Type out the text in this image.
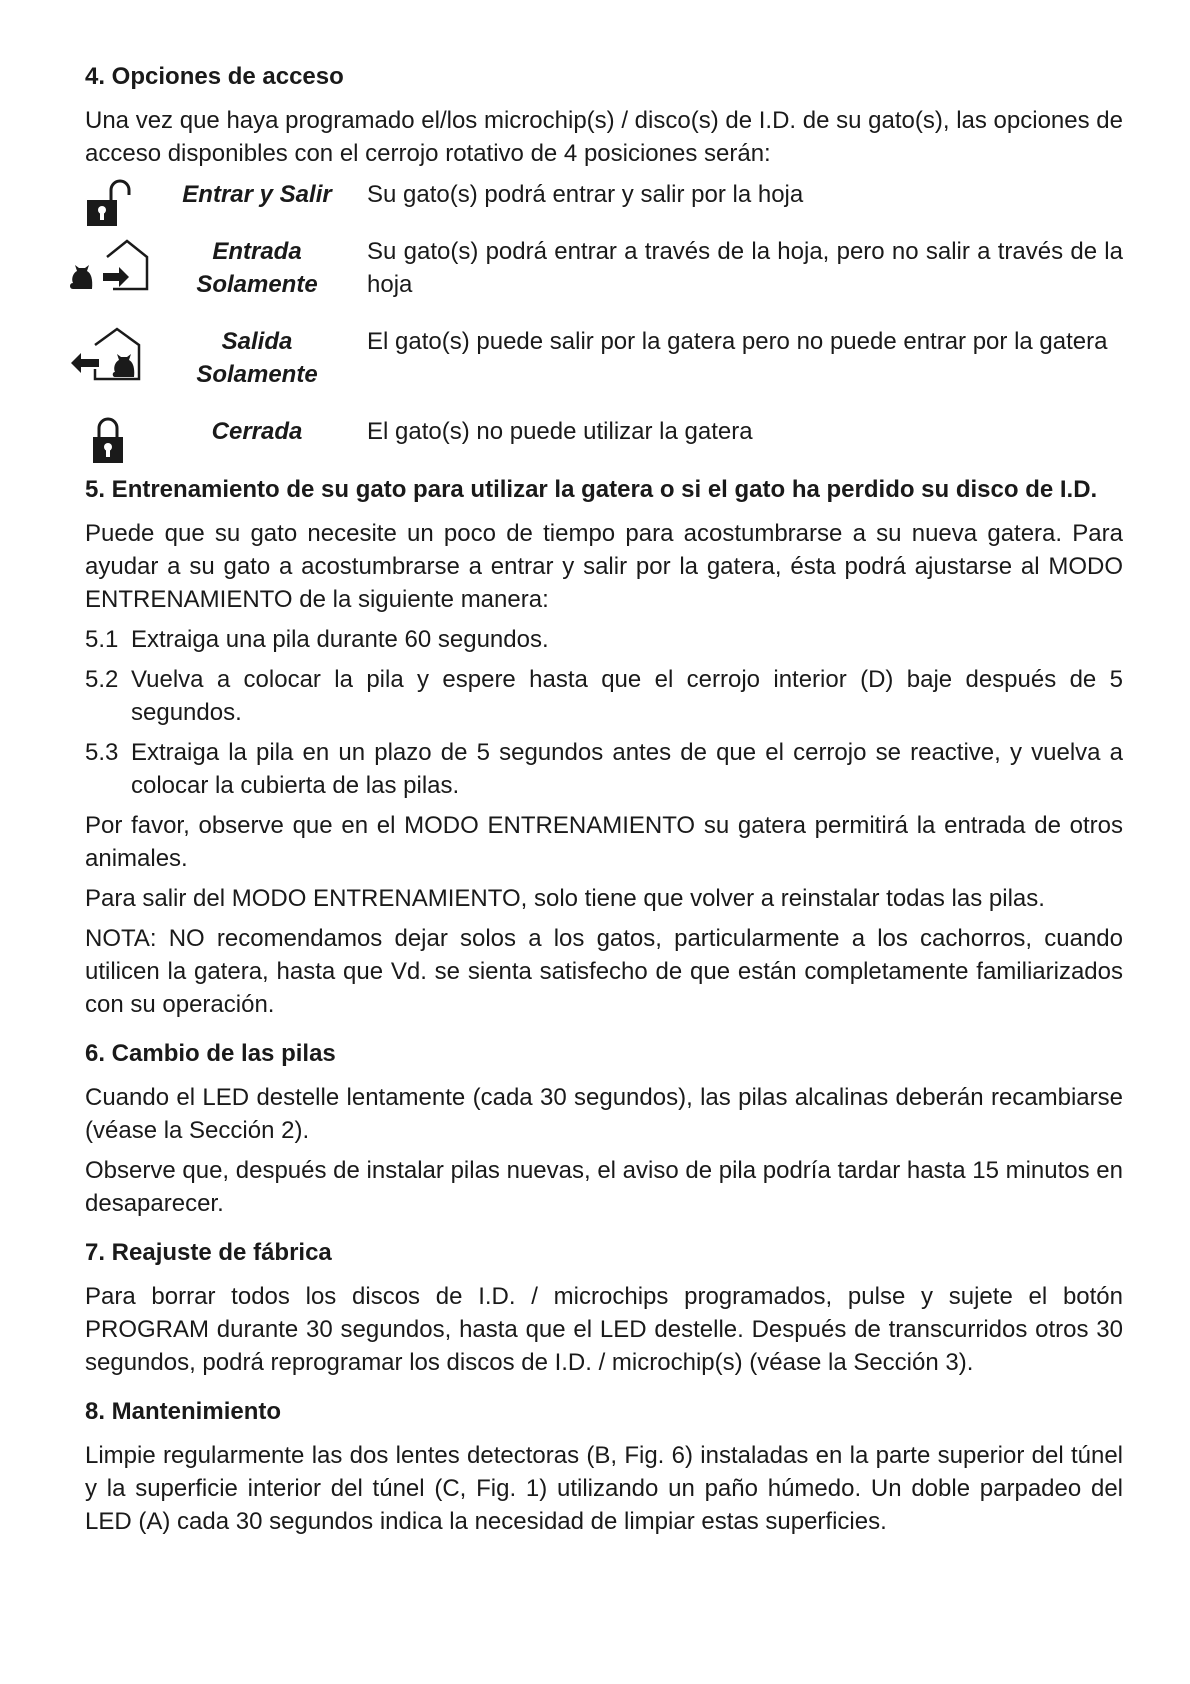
4. Opciones de acceso

Una vez que haya programado el/los microchip(s) / disco(s) de I.D. de su gato(s), las opciones de acceso disponibles con el cerrojo rotativo de 4 posiciones serán:

Entrar y Salir	Su gato(s) podrá entrar y salir por la hoja
Entrada
Solamente
Su gato(s) podrá entrar a través de la hoja, pero no salir a través de la hoja
Salida
Solamente
El gato(s) puede salir por la gatera pero no puede entrar por la gatera
Cerrada	El gato(s) no puede utilizar la gatera
5. Entrenamiento de su gato para utilizar la gatera o si el gato ha perdido su disco de I.D.

Puede que su gato necesite un poco de tiempo para acostumbrarse a su nueva gatera. Para ayudar a su gato a acostumbrarse a entrar y salir por la gatera, ésta podrá ajustarse al MODO ENTRENAMIENTO de la siguiente manera:

5.1 Extraiga una pila durante 60 segundos.
5.2 Vuelva a colocar la pila y espere hasta que el cerrojo interior (D) baje después de 5 segundos.
5.3 Extraiga la pila en un plazo de 5 segundos antes de que el cerrojo se reactive, y vuelva a colocar la cubierta de las pilas.

Por favor, observe que en el MODO ENTRENAMIENTO su gatera permitirá la entrada de otros animales.

Para salir del MODO ENTRENAMIENTO, solo tiene que volver a reinstalar todas las pilas.

NOTA: NO recomendamos dejar solos a los gatos, particularmente a los cachorros, cuando utilicen la gatera, hasta que Vd. se sienta satisfecho de que están completamente familiarizados con su operación.

6. Cambio de las pilas

Cuando el LED destelle lentamente (cada 30 segundos), las pilas alcalinas deberán recambiarse (véase la Sección 2).

Observe que, después de instalar pilas nuevas, el aviso de pila podría tardar hasta 15 minutos en desaparecer.

7. Reajuste de fábrica

Para borrar todos los discos de I.D. / microchips programados, pulse y sujete el botón PROGRAM durante 30 segundos, hasta que el LED destelle. Después de transcurridos otros 30 segundos, podrá reprogramar los discos de I.D. / microchip(s) (véase la Sección 3).

8. Mantenimiento

Limpie regularmente las dos lentes detectoras (B, Fig. 6) instaladas en la parte superior del túnel y la superficie interior del túnel (C, Fig. 1) utilizando un paño húmedo. Un doble parpadeo del LED (A) cada 30 segundos indica la necesidad de limpiar estas superficies.
